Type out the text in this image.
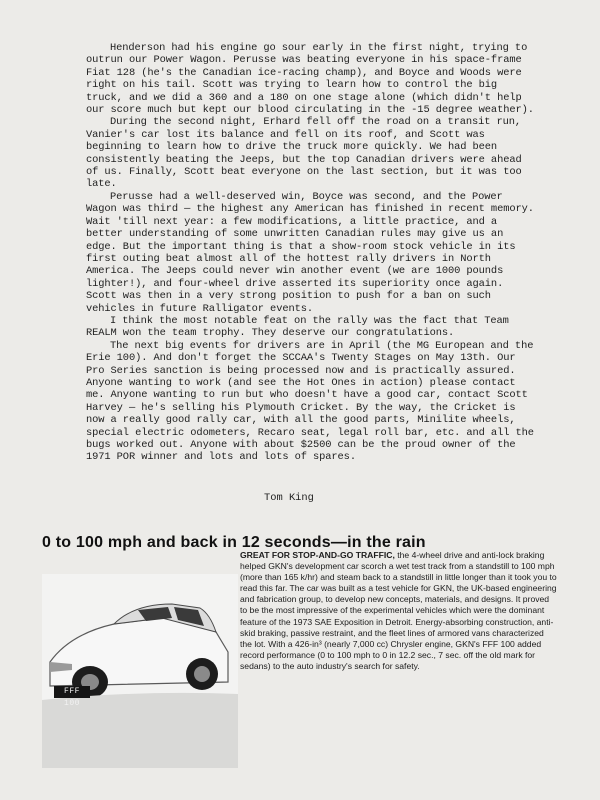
Henderson had his engine go sour early in the first night, trying to outrun our Power Wagon. Perusse was beating everyone in his space-frame Fiat 128 (he's the Canadian ice-racing champ), and Boyce and Woods were right on his tail. Scott was trying to learn how to control the big truck, and we did a 360 and a 180 on one stage alone (which didn't help our score much but kept our blood circulating in the -15 degree weather).

During the second night, Erhard fell off the road on a transit run, Vanier's car lost its balance and fell on its roof, and Scott was beginning to learn how to drive the truck more quickly. We had been consistently beating the Jeeps, but the top Canadian drivers were ahead of us. Finally, Scott beat everyone on the last section, but it was too late.

Perusse had a well-deserved win, Boyce was second, and the Power Wagon was third — the highest any American has finished in recent memory. Wait 'till next year: a few modifications, a little practice, and a better understanding of some unwritten Canadian rules may give us an edge. But the important thing is that a show-room stock vehicle in its first outing beat almost all of the hottest rally drivers in North America. The Jeeps could never win another event (we are 1000 pounds lighter!), and four-wheel drive asserted its superiority once again. Scott was then in a very strong position to push for a ban on such vehicles in future Ralligator events.

I think the most notable feat on the rally was the fact that Team REALM won the team trophy. They deserve our congratulations.

The next big events for drivers are in April (the MG European and the Erie 100). And don't forget the SCCAA's Twenty Stages on May 13th. Our Pro Series sanction is being processed now and is practically assured. Anyone wanting to work (and see the Hot Ones in action) please contact me. Anyone wanting to run but who doesn't have a good car, contact Scott Harvey — he's selling his Plymouth Cricket. By the way, the Cricket is now a really good rally car, with all the good parts, Minilite wheels, special electric odometers, Recaro seat, legal roll bar, etc. and all the bugs worked out. Anyone with about $2500 can be the proud owner of the 1971 POR winner and lots and lots of spares.

Tom King
0 to 100 mph and back in 12 seconds—in the rain
GREAT FOR STOP-AND-GO TRAFFIC, the 4-wheel drive and anti-lock braking helped GKN's development car scorch a wet test track from a standstill to 100 mph (more than 165 k/hr) and steam back to a standstill in little longer than it took you to read this far. The car was built as a test vehicle for GKN, the UK-based engineering and fabrication group, to develop new concepts, materials, and designs. It proved to be the most impressive of the experimental vehicles which were the dominant feature of the 1973 SAE Exposition in Detroit. Energy-absorbing construction, anti-skid braking, passive restraint, and the fleet lines of armored vans characterized the lot. With a 426-in³ (nearly 7,000 cc) Chrysler engine, GKN's FFF 100 added record performance (0 to 100 mph to 0 in 12.2 sec., 7 sec. off the old mark for sedans) to the auto industry's search for safety.
FFF 100
